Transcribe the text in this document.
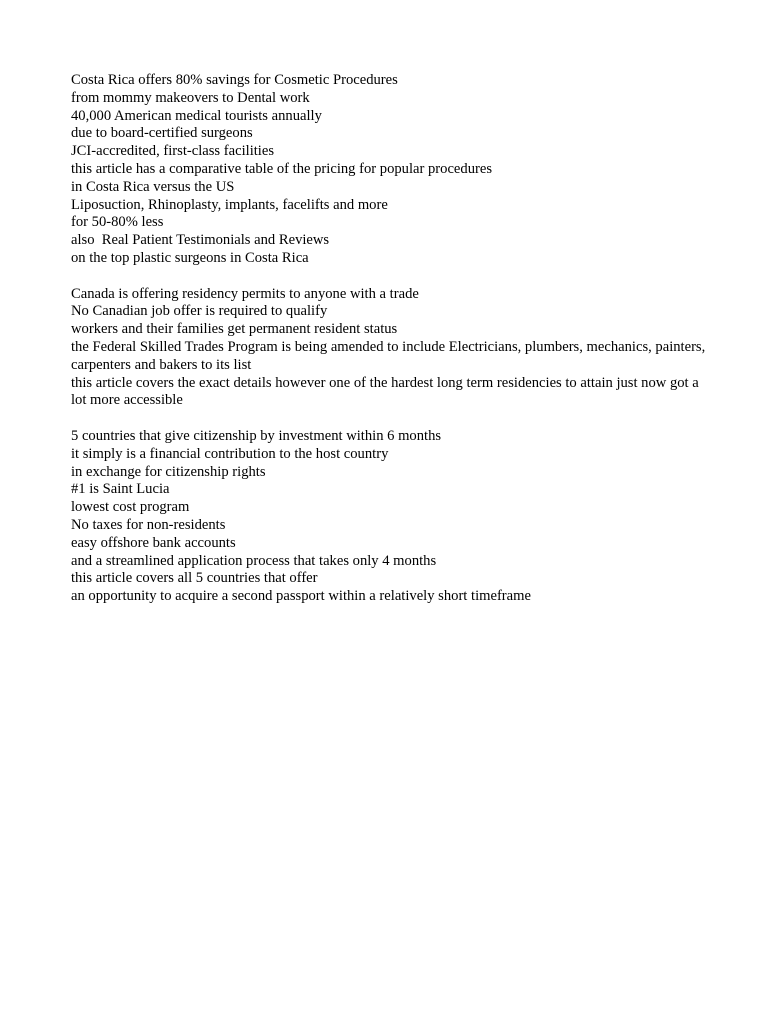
Costa Rica offers 80% savings for Cosmetic Procedures
from mommy makeovers to Dental work
40,000 American medical tourists annually
due to board-certified surgeons
JCI-accredited, first-class facilities
this article has a comparative table of the pricing for popular procedures
in Costa Rica versus the US
Liposuction, Rhinoplasty, implants, facelifts and more
for 50-80% less
also  Real Patient Testimonials and Reviews
on the top plastic surgeons in Costa Rica
Canada is offering residency permits to anyone with a trade
No Canadian job offer is required to qualify
workers and their families get permanent resident status
the Federal Skilled Trades Program is being amended to include Electricians, plumbers, mechanics, painters, carpenters and bakers to its list
this article covers the exact details however one of the hardest long term residencies to attain just now got a lot more accessible
5 countries that give citizenship by investment within 6 months
it simply is a financial contribution to the host country
in exchange for citizenship rights
#1 is Saint Lucia
lowest cost program
No taxes for non-residents
easy offshore bank accounts
and a streamlined application process that takes only 4 months
this article covers all 5 countries that offer
an opportunity to acquire a second passport within a relatively short timeframe
